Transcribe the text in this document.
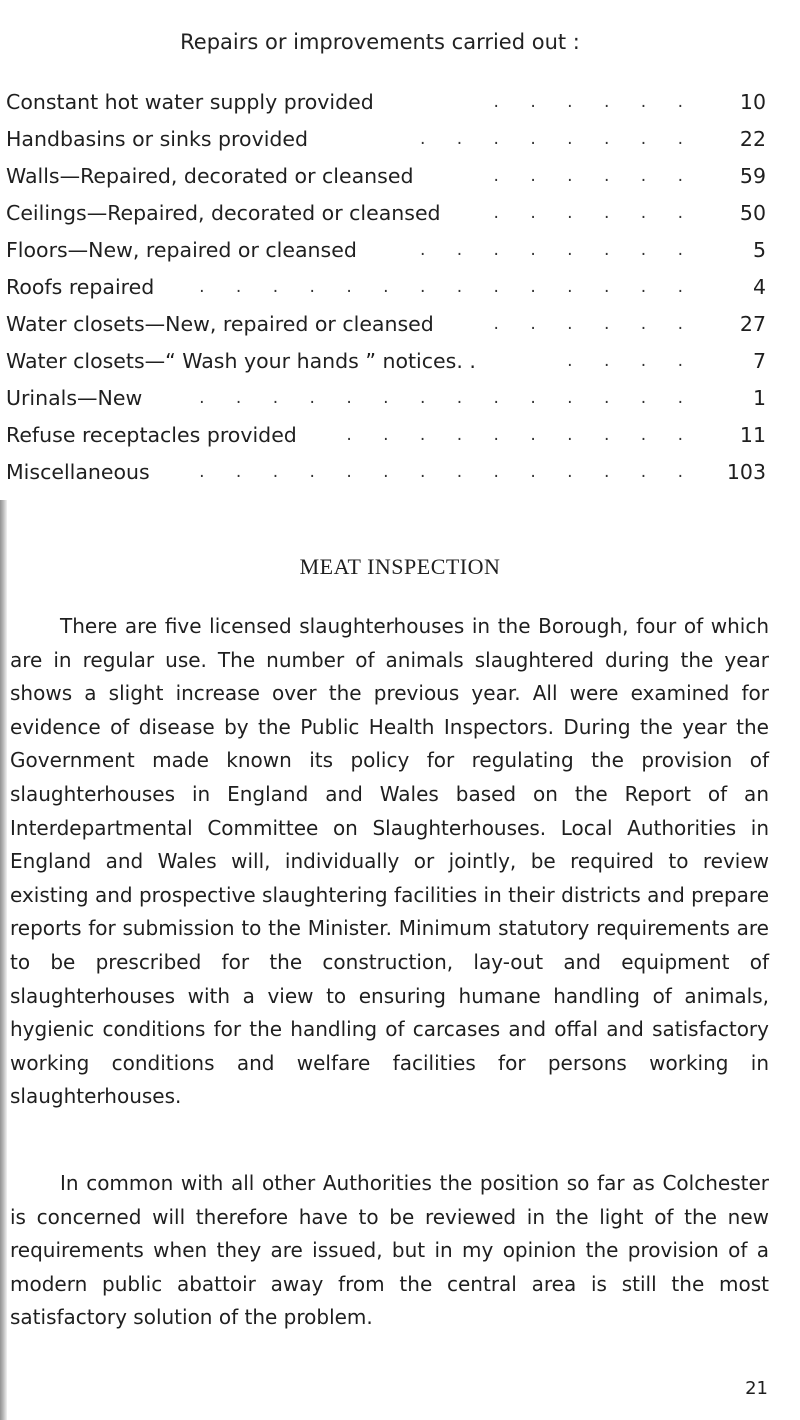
Repairs or improvements carried out :
Constant hot water supply provided	. . . . . .	10
Handbasins or sinks provided	. . . . . . . .	22
Walls—Repaired, decorated or cleansed	. . . . . .	59
Ceilings—Repaired, decorated or cleansed	. . . . . .	50
Floors—New, repaired or cleansed	. . . . . . . .	5
Roofs repaired	. . . . . . . . . . . . . .	4
Water closets—New, repaired or cleansed	. . . . . .	27
Water closets—“ Wash your hands ” notices. .	. . . .	7
Urinals—New	. . . . . . . . . . . . . .	1
Refuse receptacles provided	. . . . . . . . . .	11
Miscellaneous	. . . . . . . . . . . . . .	103
MEAT INSPECTION

There are five licensed slaughterhouses in the Borough, four of which are in regular use. The number of animals slaughtered during the year shows a slight increase over the previous year. All were examined for evidence of disease by the Public Health Inspectors. During the year the Government made known its policy for regulating the provision of slaughterhouses in England and Wales based on the Report of an Interdepartmental Committee on Slaughterhouses. Local Authorities in England and Wales will, individually or jointly, be required to review existing and prospective slaughtering facilities in their districts and prepare reports for submission to the Minister. Minimum statutory requirements are to be prescribed for the construction, lay-out and equipment of slaughterhouses with a view to ensuring humane handling of animals, hygienic conditions for the handling of carcases and offal and satisfactory working conditions and welfare facilities for persons working in slaughterhouses.

In common with all other Authorities the position so far as Colchester is concerned will therefore have to be reviewed in the light of the new requirements when they are issued, but in my opinion the provision of a modern public abattoir away from the central area is still the most satisfactory solution of the problem.

21
